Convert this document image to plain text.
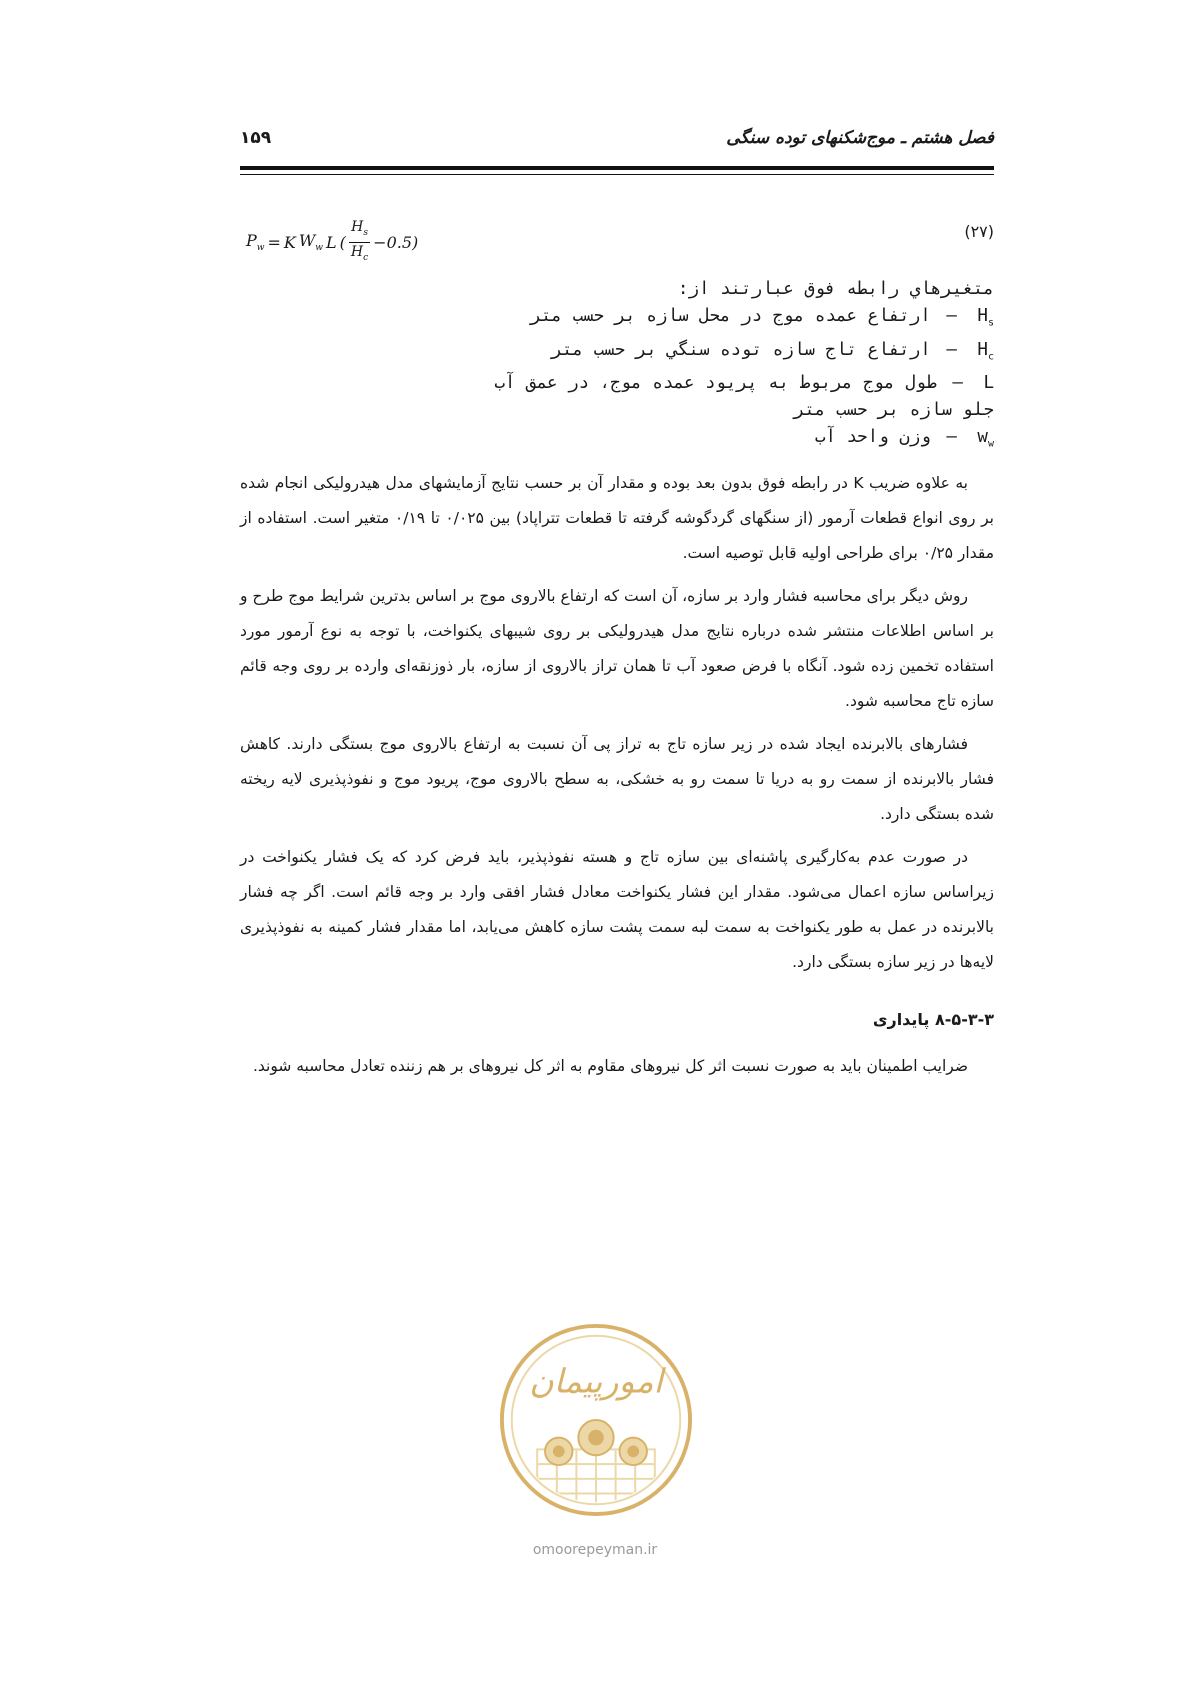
فصل هشتم ـ موج‌شکنهای توده سنگی
۱۵۹
$P_w = K$ $W_w$ L ( $\frac{H_s}{H_c} -0.5$)
(۲۷)
متغيرهاي رابطه فوق عبارتند از:
$H_s$ – ارتفاع عمده موج در محل سازه بر حسب متر
$H_c$ – ارتفاع تاج سازه توده سنگي بر حسب متر
L – طول موج مربوط به پريود عمده موج، در عمق آب
جلو سازه بر حسب متر
$w_w$ – وزن واحد آب

به علاوه ضریب K در رابطه فوق بدون بعد بوده و مقدار آن بر حسب نتایج آزمایشهای مدل هیدرولیکی انجام شده بر روی انواع قطعات آرمور (از سنگهای گردگوشه گرفته تا قطعات تتراپاد) بین ۰/۰۲۵ تا ۰/۱۹ متغیر است. استفاده از مقدار ۰/۲۵ برای طراحی اولیه قابل توصیه است.

روش دیگر برای محاسبه فشار وارد بر سازه، آن است که ارتفاع بالاروی موج بر اساس بدترین شرایط موج طرح و بر اساس اطلاعات منتشر شده درباره نتایج مدل هیدرولیکی بر روی شیبهای یکنواخت، با توجه به نوع آرمور مورد استفاده تخمین زده شود. آنگاه با فرض صعود آب تا همان تراز بالاروی از سازه، بار ذوزنقه‌ای وارده بر روی وجه قائم سازه تاج محاسبه شود.

فشارهای بالابرنده ایجاد شده در زیر سازه تاج به تراز پی آن نسبت به ارتفاع بالاروی موج بستگی دارند. کاهش فشار بالابرنده از سمت رو به دریا تا سمت رو به خشکی، به سطح بالاروی موج، پریود موج و نفوذپذیری لایه ریخته شده بستگی دارد.

در صورت عدم به‌کارگیری پاشنه‌ای بین سازه تاج و هسته نفوذپذیر، باید فرض کرد که یک فشار یکنواخت در زیراساس سازه اعمال می‌شود. مقدار این فشار یکنواخت معادل فشار افقی وارد بر وجه قائم است. اگر چه فشار بالابرنده در عمل به طور یکنواخت به سمت لبه سمت پشت سازه کاهش می‌یابد، اما مقدار فشار کمینه به نفوذپذیری لایه‌ها در زیر سازه بستگی دارد.

۸-۵-۳-۳ پایداری

ضرایب اطمینان باید به صورت نسبت اثر کل نیروهای مقاوم به اثر کل نیروهای بر هم زننده تعادل محاسبه شوند.

امورپیمان
omoorepeyman.ir
